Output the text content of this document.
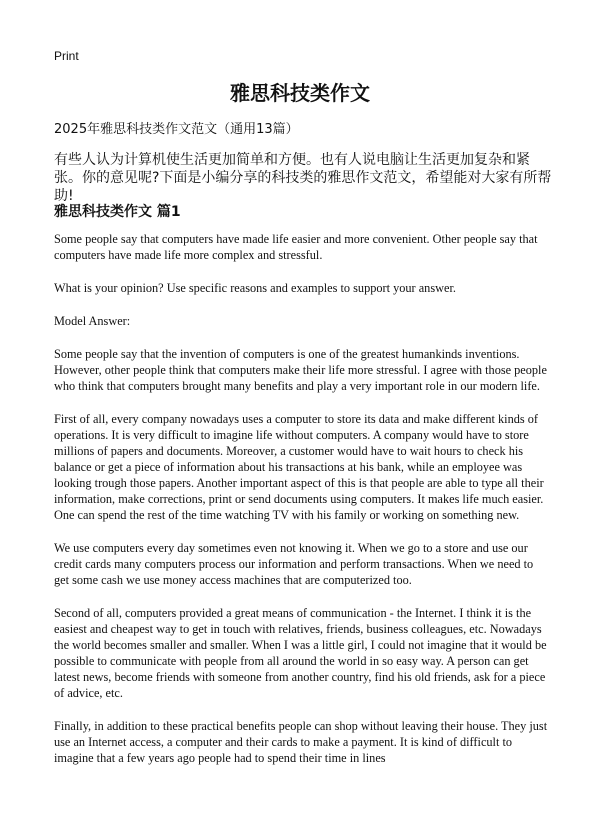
Print
雅思科技类作文
2025年雅思科技类作文范文（通用13篇）
有些人认为计算机使生活更加简单和方便。也有人说电脑让生活更加复杂和紧张。你的意见呢?下面是小编分享的科技类的雅思作文范文，希望能对大家有所帮助!
雅思科技类作文 篇1

Some people say that computers have made life easier and more convenient. Other people say that computers have made life more complex and stressful.

What is your opinion? Use specific reasons and examples to support your answer.

Model Answer:

Some people say that the invention of computers is one of the greatest humankinds inventions. However, other people think that computers make their life more stressful. I agree with those people who think that computers brought many benefits and play a very important role in our modern life.

First of all, every company nowadays uses a computer to store its data and make different kinds of operations. It is very difficult to imagine life without computers. A company would have to store millions of papers and documents. Moreover, a customer would have to wait hours to check his balance or get a piece of information about his transactions at his bank, while an employee was looking trough those papers. Another important aspect of this is that people are able to type all their information, make corrections, print or send documents using computers. It makes life much easier. One can spend the rest of the time watching TV with his family or working on something new.

We use computers every day sometimes even not knowing it. When we go to a store and use our credit cards many computers process our information and perform transactions. When we need to get some cash we use money access machines that are computerized too.

Second of all, computers provided a great means of communication - the Internet. I think it is the easiest and cheapest way to get in touch with relatives, friends, business colleagues, etc. Nowadays the world becomes smaller and smaller. When I was a little girl, I could not imagine that it would be possible to communicate with people from all around the world in so easy way. A person can get latest news, become friends with someone from another country, find his old friends, ask for a piece of advice, etc.

Finally, in addition to these practical benefits people can shop without leaving their house. They just use an Internet access, a computer and their cards to make a payment. It is kind of difficult to imagine that a few years ago people had to spend their time in lines
